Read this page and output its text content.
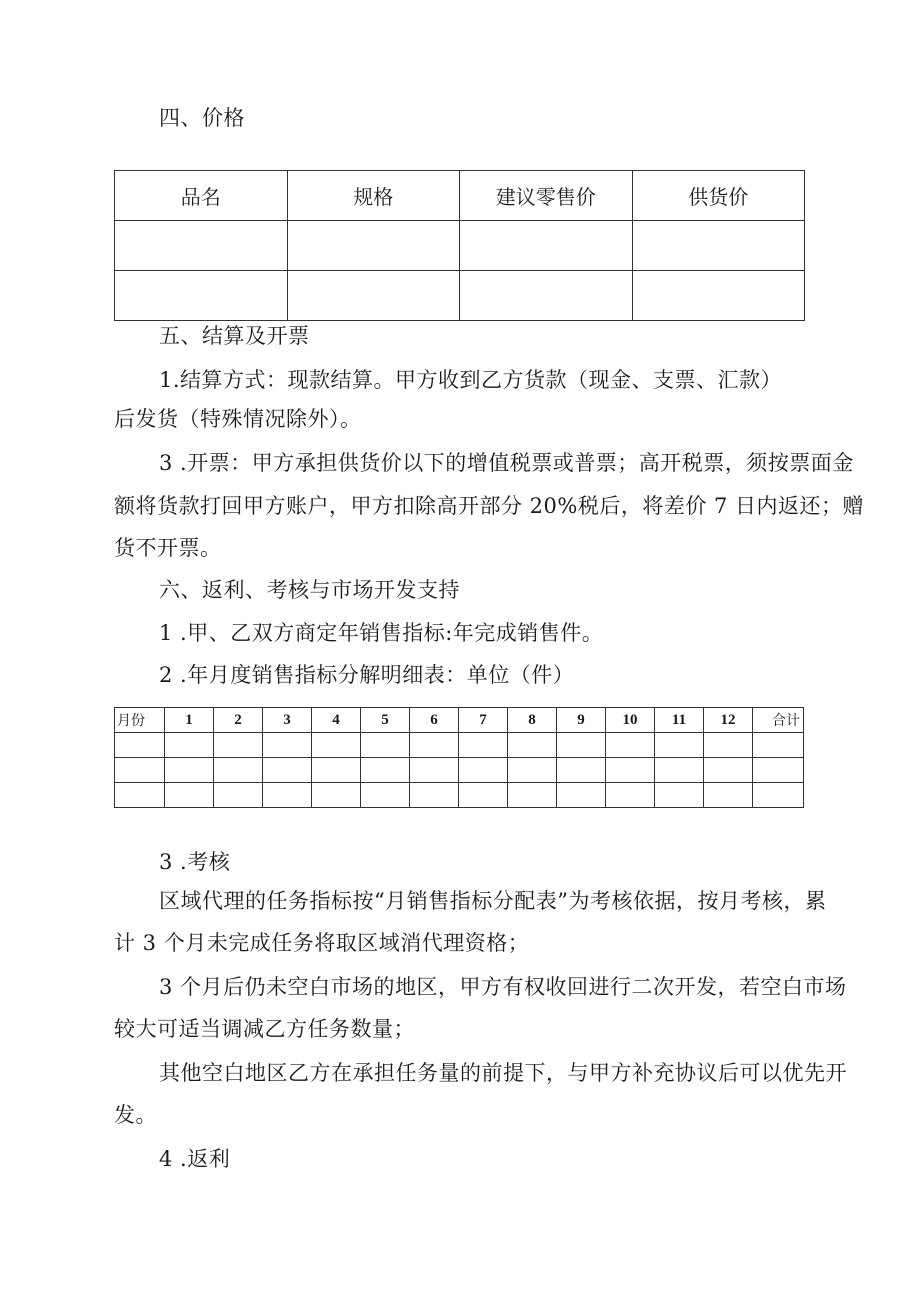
四、价格
品名	规格	建议零售价	供货价

五、结算及开票
1.结算方式：现款结算。甲方收到乙方货款（现金、支票、汇款）
后发货（特殊情况除外）。
3 .开票：甲方承担供货价以下的增值税票或普票；高开税票，须按票面金
额将货款打回甲方账户，甲方扣除高开部分 20%税后，将差价 7 日内返还；赠
货不开票。
六、返利、考核与市场开发支持
1 .甲、乙双方商定年销售指标:年完成销售件。
2 .年月度销售指标分解明细表：单位（件）
月份	1	2	3	4	5	6	7	8	9	10	11	12	合计

3 .考核
区域代理的任务指标按“月销售指标分配表”为考核依据，按月考核，累
计 3 个月未完成任务将取区域消代理资格；
3 个月后仍未空白市场的地区，甲方有权收回进行二次开发，若空白市场
较大可适当调减乙方任务数量；
其他空白地区乙方在承担任务量的前提下，与甲方补充协议后可以优先开
发。
4 .返利
